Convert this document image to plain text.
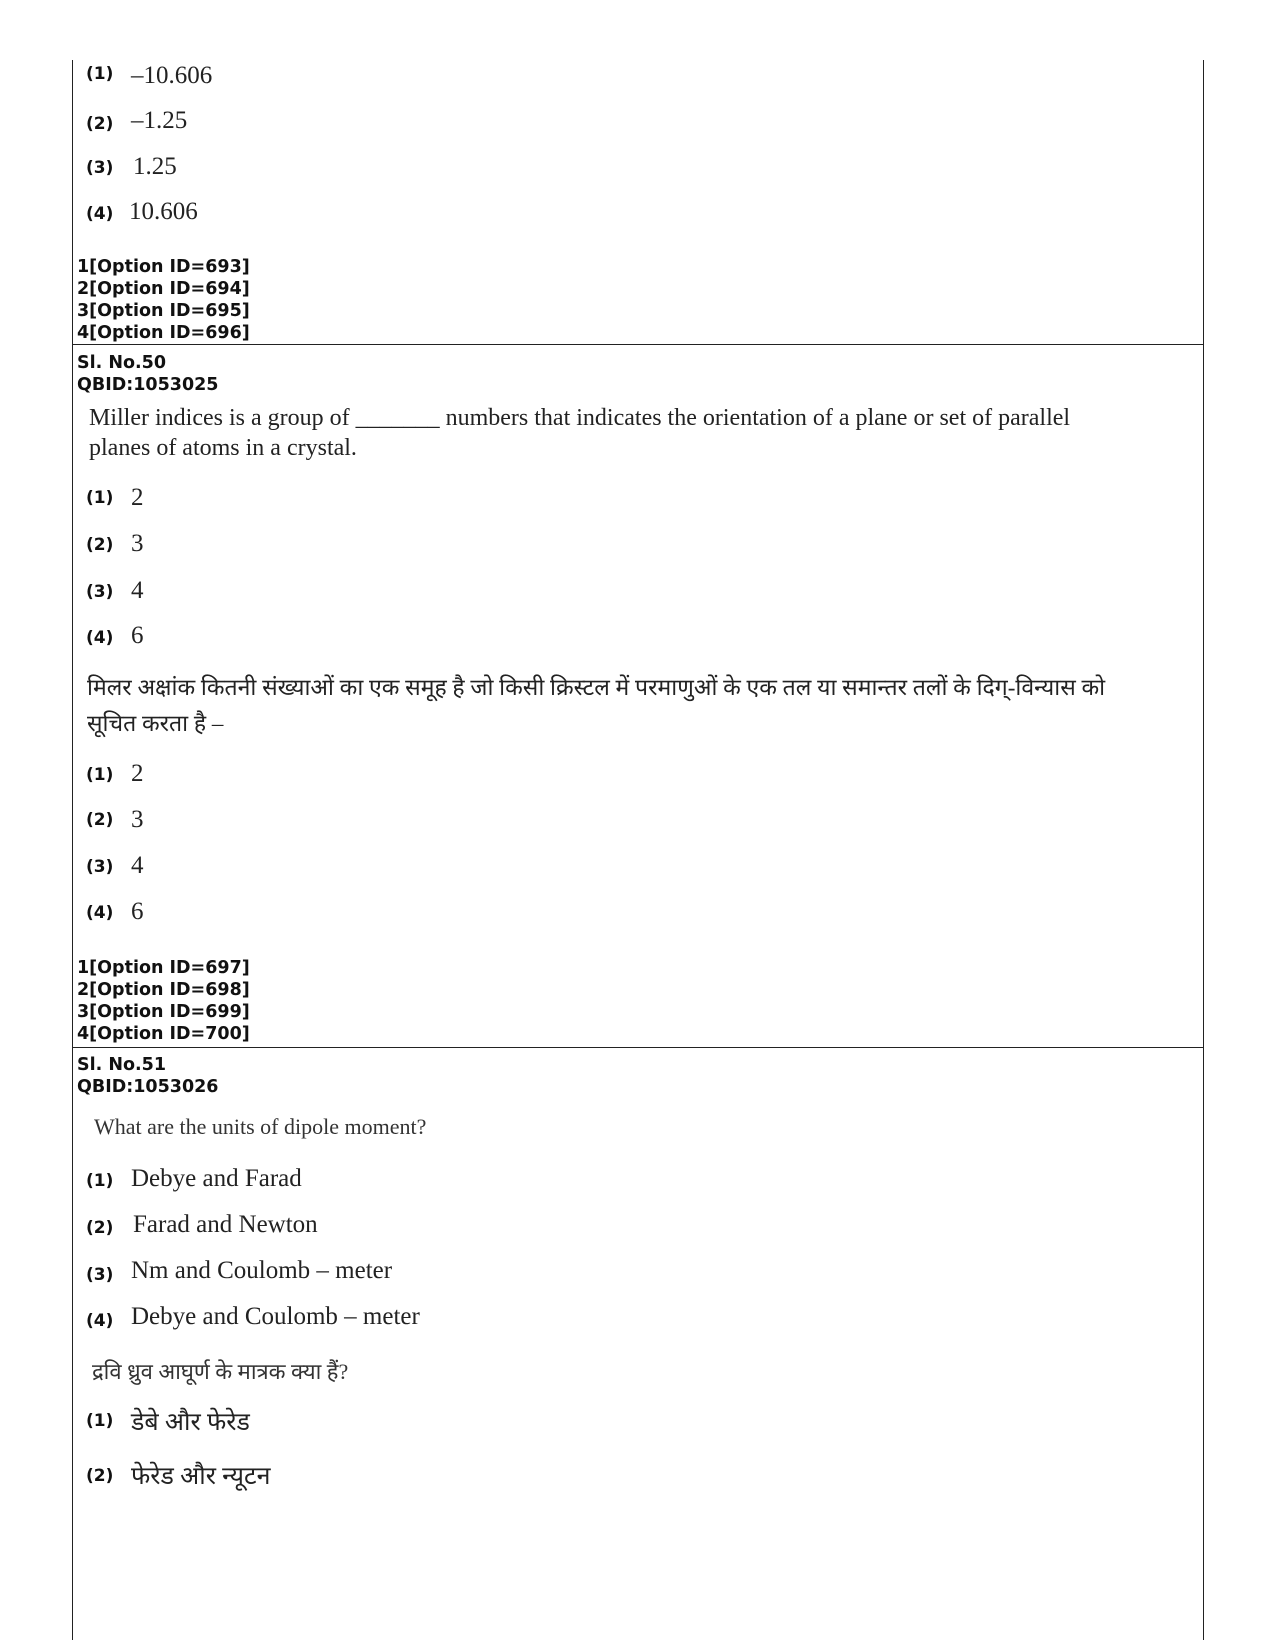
(1) –10.606
(2) –1.25
(3) 1.25
(4) 10.606
1[Option ID=693]
2[Option ID=694]
3[Option ID=695]
4[Option ID=696]
Sl. No.50
QBID:1053025
Miller indices is a group of _______ numbers that indicates the orientation of a plane or set of parallel planes of atoms in a crystal.
(1) 2
(2) 3
(3) 4
(4) 6
मिलर अक्षांक कितनी संख्याओं का एक समूह है जो किसी क्रिस्टल में परमाणुओं के एक तल या समान्तर तलों के दिग्-विन्यास को सूचित करता है –
(1) 2
(2) 3
(3) 4
(4) 6
1[Option ID=697]
2[Option ID=698]
3[Option ID=699]
4[Option ID=700]
Sl. No.51
QBID:1053026
What are the units of dipole moment?
(1) Debye and Farad
(2) Farad and Newton
(3) Nm and Coulomb – meter
(4) Debye and Coulomb – meter
द्रवि ध्रुव आघूर्ण के मात्रक क्या हैं?
(1) डेबे और फेरेड
(2) फेरेड और न्यूटन
